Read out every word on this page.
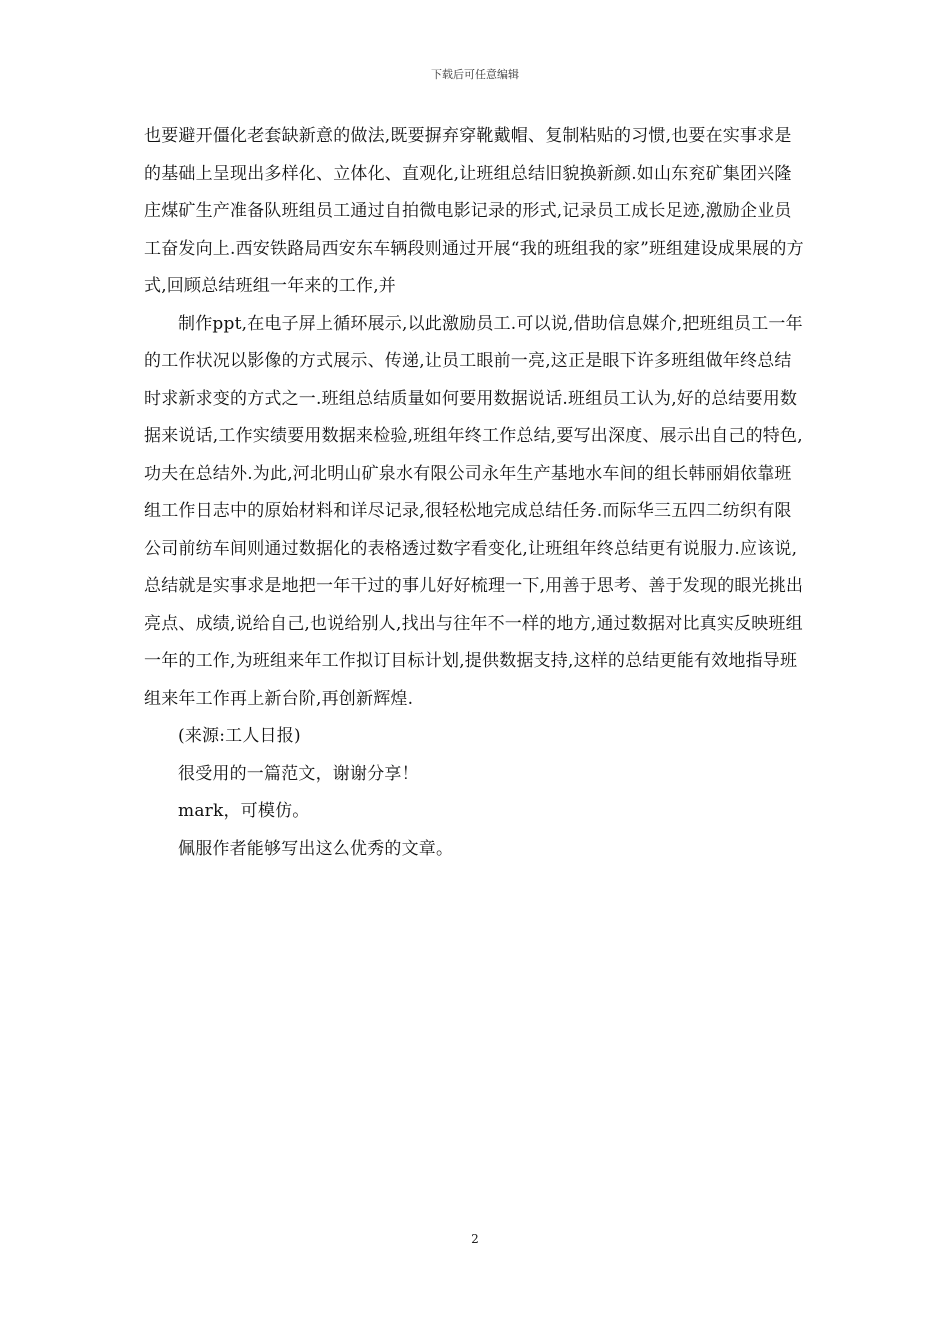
下载后可任意编辑

也要避开僵化老套缺新意的做法,既要摒弃穿靴戴帽、复制粘贴的习惯,也要在实事求是的基础上呈现出多样化、立体化、直观化,让班组总结旧貌换新颜.如山东兖矿集团兴隆庄煤矿生产准备队班组员工通过自拍微电影记录的形式,记录员工成长足迹,激励企业员工奋发向上.西安铁路局西安东车辆段则通过开展“我的班组我的家”班组建设成果展的方式,回顾总结班组一年来的工作,并

制作ppt,在电子屏上循环展示,以此激励员工.可以说,借助信息媒介,把班组员工一年的工作状况以影像的方式展示、传递,让员工眼前一亮,这正是眼下许多班组做年终总结时求新求变的方式之一.班组总结质量如何要用数据说话.班组员工认为,好的总结要用数据来说话,工作实绩要用数据来检验,班组年终工作总结,要写出深度、展示出自己的特色,功夫在总结外.为此,河北明山矿泉水有限公司永年生产基地水车间的组长韩丽娟依靠班组工作日志中的原始材料和详尽记录,很轻松地完成总结任务.而际华三五四二纺织有限公司前纺车间则通过数据化的表格透过数字看变化,让班组年终总结更有说服力.应该说,总结就是实事求是地把一年干过的事儿好好梳理一下,用善于思考、善于发现的眼光挑出亮点、成绩,说给自己,也说给别人,找出与往年不一样的地方,通过数据对比真实反映班组一年的工作,为班组来年工作拟订目标计划,提供数据支持,这样的总结更能有效地指导班组来年工作再上新台阶,再创新辉煌.

(来源:工人日报)

很受用的一篇范文，谢谢分享！

mark，可模仿。

佩服作者能够写出这么优秀的文章。

2
